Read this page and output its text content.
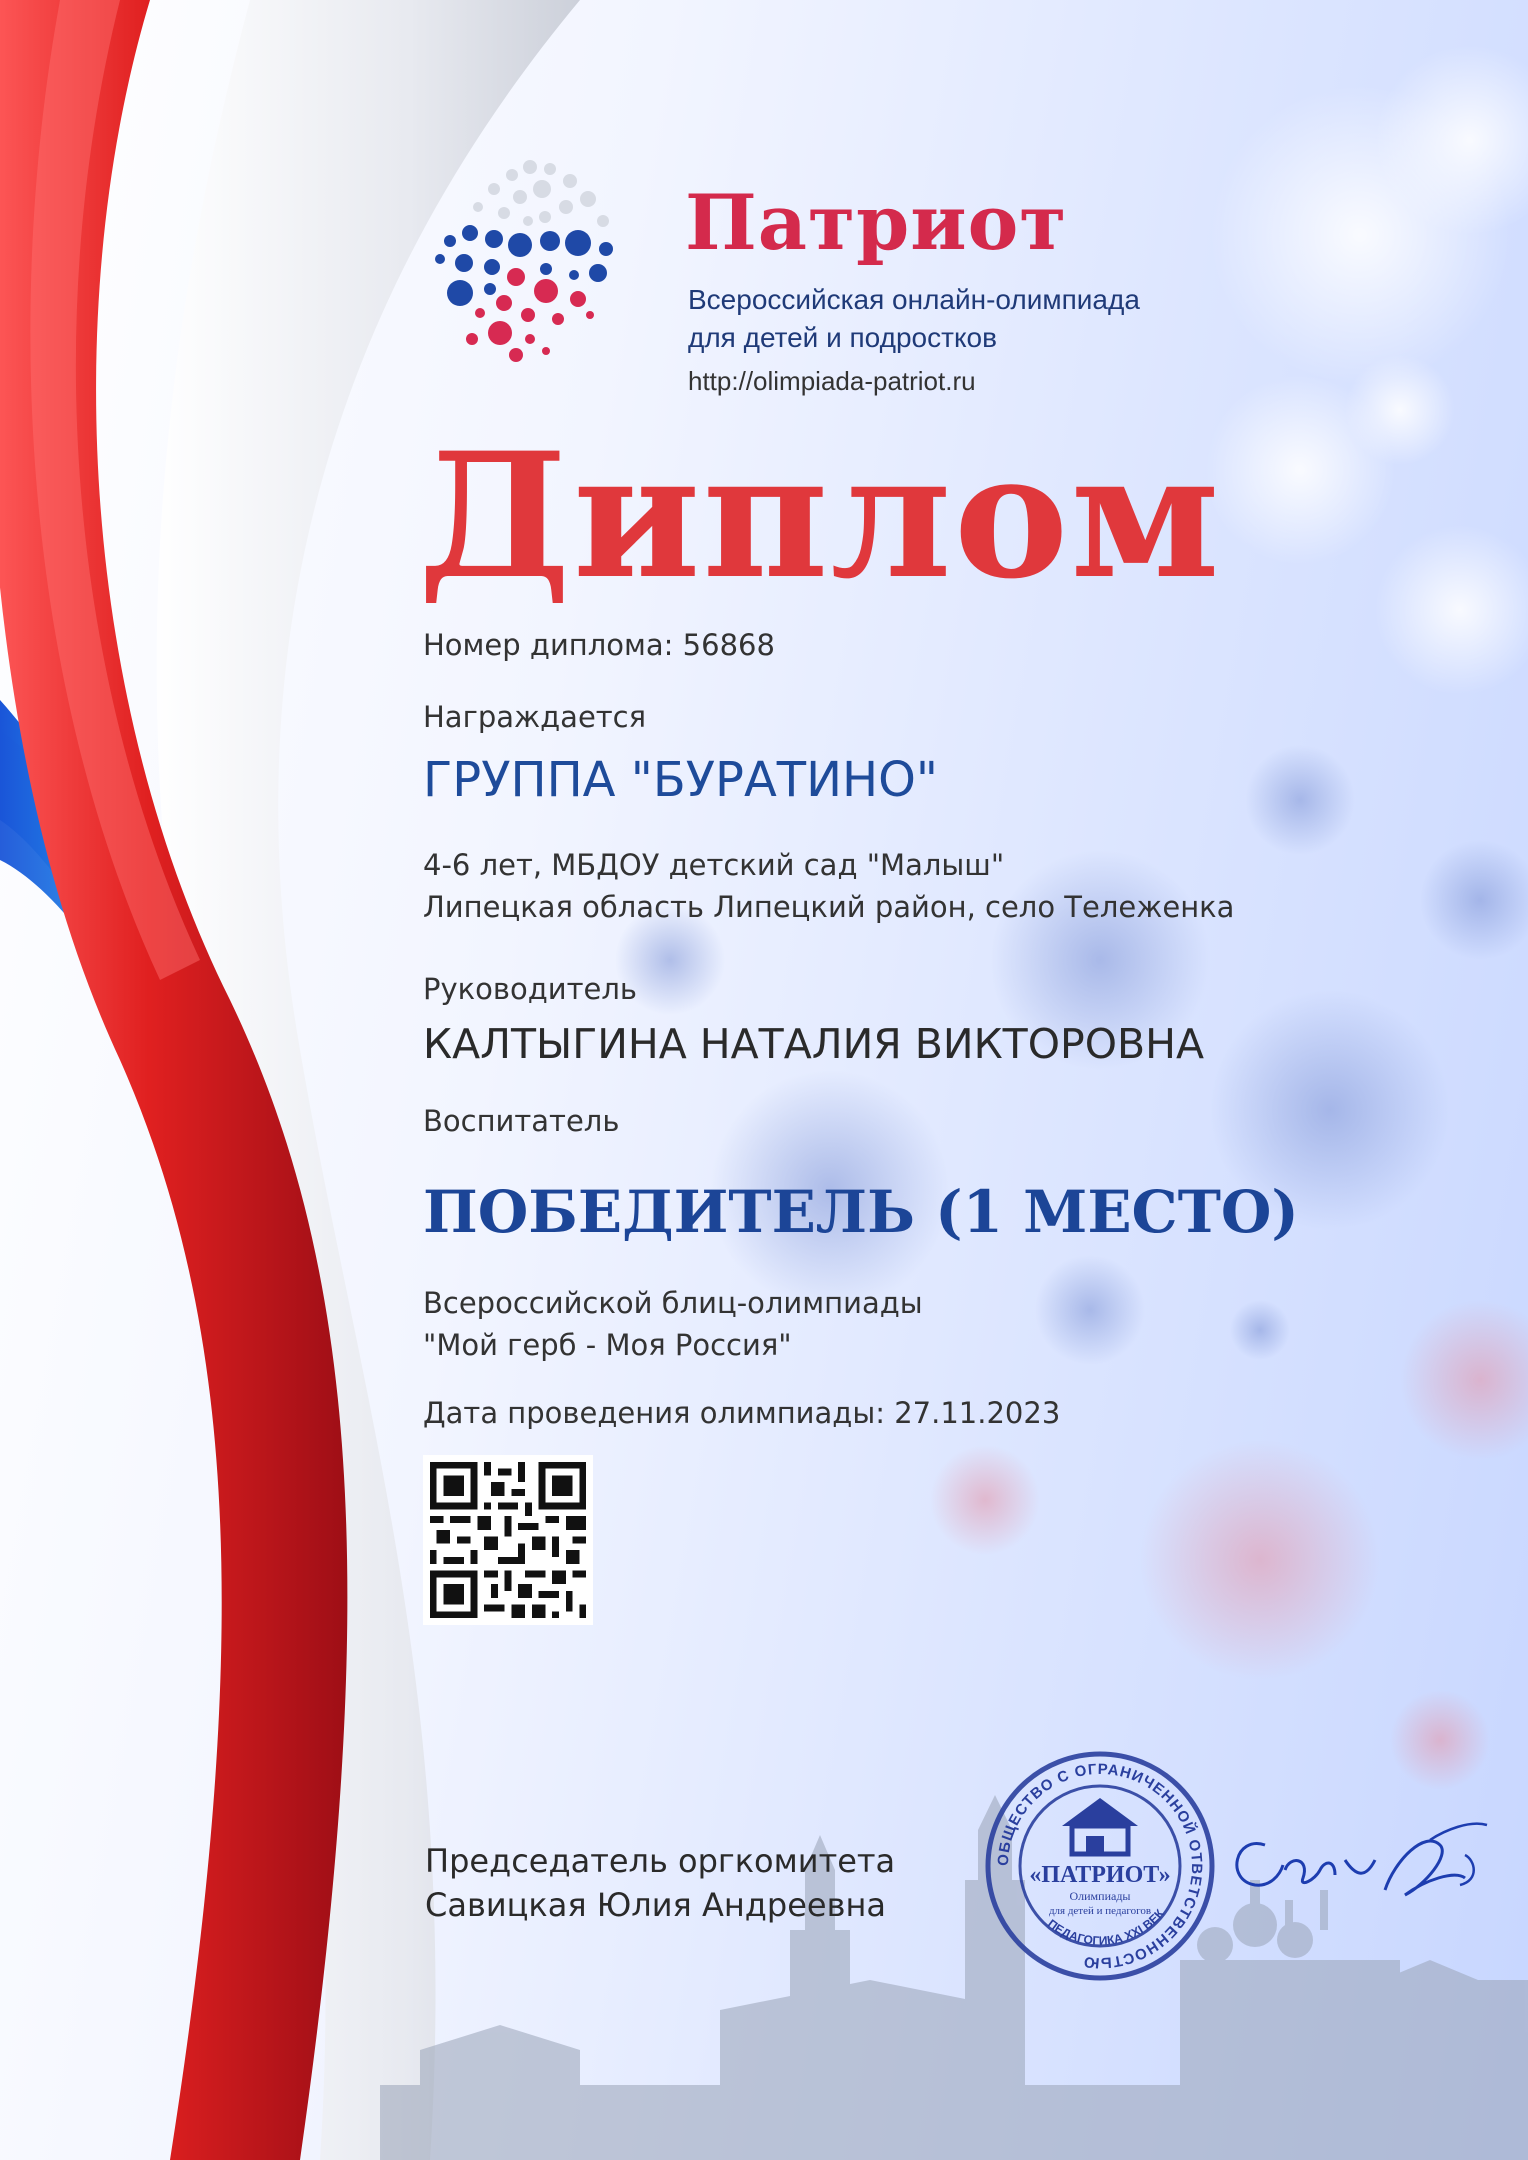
Патриот
Всероссийская онлайн-олимпиада
для детей и подростков
http://olimpiada-patriot.ru
Диплом
Номер диплома: 56868
Награждается
ГРУППА "БУРАТИНО"
4-6 лет, МБДОУ детский сад "Малыш"
Липецкая область Липецкий район, село Тележенка
Руководитель
КАЛТЫГИНА НАТАЛИЯ ВИКТОРОВНА
Воспитатель
ПОБЕДИТЕЛЬ (1 МЕСТО)
Всероссийской блиц-олимпиады
"Мой герб - Моя Россия"
Дата проведения олимпиады: 27.11.2023
Председатель оргкомитета
Савицкая Юлия Андреевна
ОБЩЕСТВО С ОГРАНИЧЕННОЙ ОТВЕТСТВЕННОСТЬЮ
ПЕДАГОГИКА XXI ВЕК
«ПАТРИОТ»
Олимпиады
для детей и педагогов
